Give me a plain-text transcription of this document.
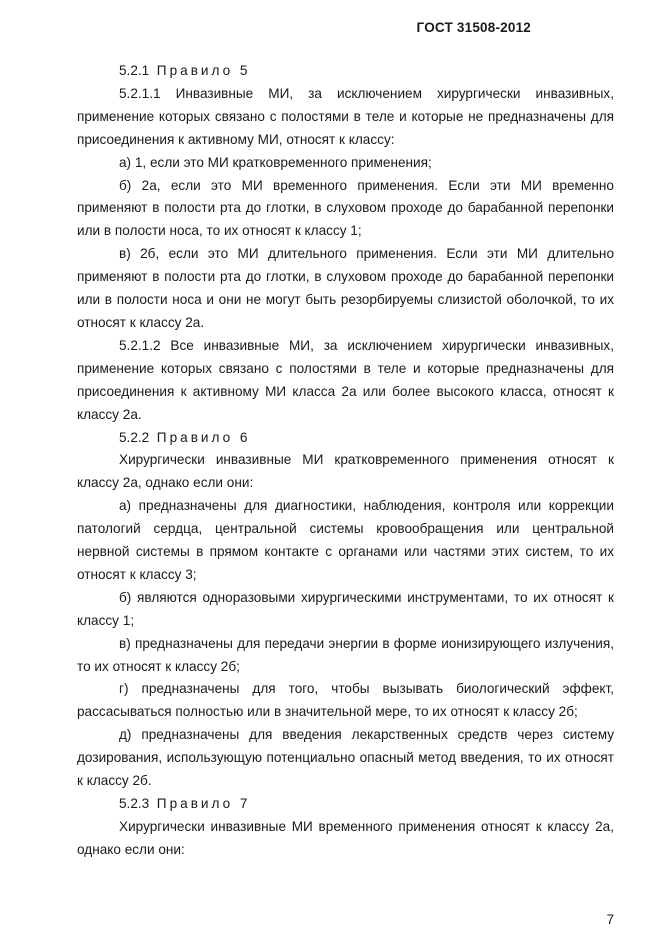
ГОСТ 31508-2012

5.2.1 Правило 5

5.2.1.1 Инвазивные МИ, за исключением хирургически инвазивных, применение которых связано с полостями в теле и которые не предназначены для присоединения к активному МИ, относят к классу:

а) 1, если это МИ кратковременного применения;

б) 2а, если это МИ временного применения. Если эти МИ временно применяют в полости рта до глотки, в слуховом проходе до барабанной перепонки или в полости носа, то их относят к классу 1;

в) 2б, если это МИ длительного применения. Если эти МИ длительно применяют в полости рта до глотки, в слуховом проходе до барабанной перепонки или в полости носа и они не могут быть резорбируемы слизистой оболочкой, то их относят к классу 2а.

5.2.1.2 Все инвазивные МИ, за исключением хирургически инвазивных, применение которых связано с полостями в теле и которые предназначены для присоединения к активному МИ класса 2а или более высокого класса, относят к классу 2а.

5.2.2 Правило 6

Хирургически инвазивные МИ кратковременного применения относят к классу 2а, однако если они:

а) предназначены для диагностики, наблюдения, контроля или коррекции патологий сердца, центральной системы кровообращения или центральной нервной системы в прямом контакте с органами или частями этих систем, то их относят к классу 3;

б) являются одноразовыми хирургическими инструментами, то их относят к классу 1;

в) предназначены для передачи энергии в форме ионизирующего излучения, то их относят к классу 2б;

г) предназначены для того, чтобы вызывать биологический эффект, рассасываться полностью или в значительной мере, то их относят к классу 2б;

д) предназначены для введения лекарственных средств через систему дозирования, использующую потенциально опасный метод введения, то их относят к классу 2б.

5.2.3 Правило 7

Хирургически инвазивные МИ временного применения относят к классу 2а, однако если они:

7
